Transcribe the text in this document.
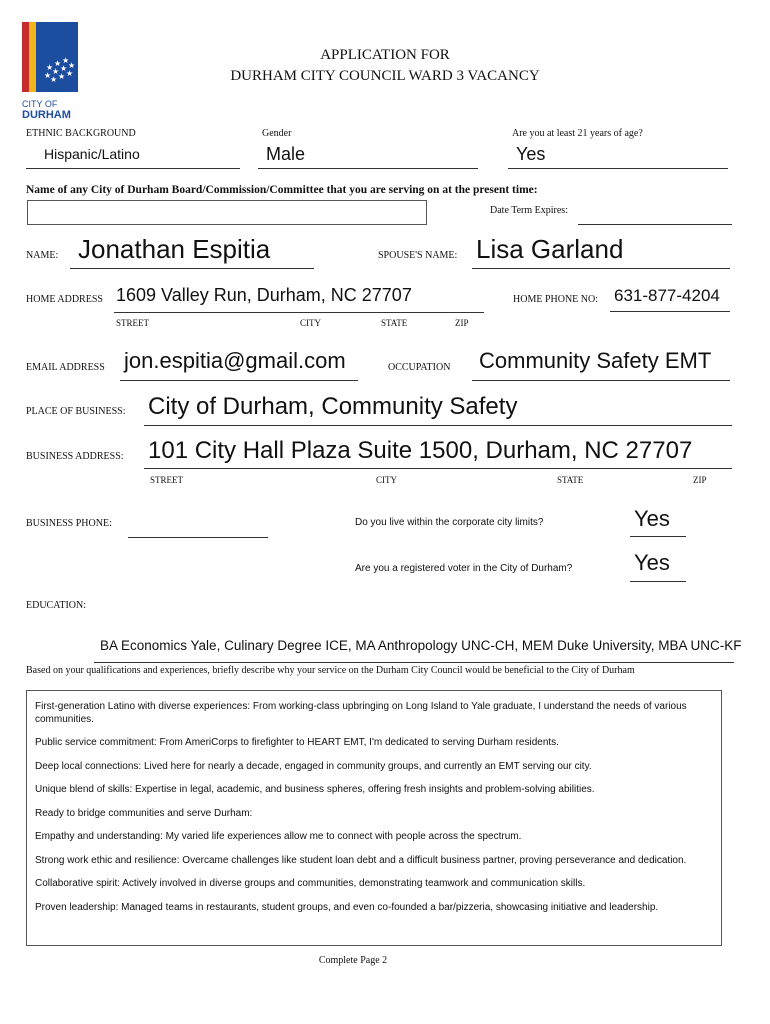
★ ★ ★
★ ★ ★ ★
★ ★ ★
CITY OF
DURHAM
APPLICATION FOR
DURHAM CITY COUNCIL WARD 3 VACANCY
ETHNIC BACKGROUND
Hispanic/Latino
Gender
Male
Are you at least 21 years of age?
Yes
Name of any City of Durham Board/Commission/Committee that you are serving on at the present time:
Date Term Expires:
NAME: Jonathan Espitia	SPOUSE'S NAME: Lisa Garland
HOME ADDRESS 1609 Valley Run, Durham, NC 27707	HOME PHONE NO: 631-877-4204
STREET	CITY	STATE	ZIP
EMAIL ADDRESS jon.espitia@gmail.com	OCCUPATION Community Safety EMT
PLACE OF BUSINESS: City of Durham, Community Safety
BUSINESS ADDRESS: 101 City Hall Plaza Suite 1500, Durham, NC 27707
STREET	CITY	STATE	ZIP
BUSINESS PHONE:	Do you live within the corporate city limits?	Yes
Are you a registered voter in the City of Durham?	Yes
EDUCATION:
BA Economics Yale, Culinary Degree ICE, MA Anthropology UNC-CH, MEM Duke University, MBA UNC-KF
Based on your qualifications and experiences, briefly describe why your service on the Durham City Council would be beneficial to the City of Durham

First-generation Latino with diverse experiences: From working-class upbringing on Long Island to Yale graduate, I understand the needs of various communities.

Public service commitment: From AmeriCorps to firefighter to HEART EMT, I'm dedicated to serving Durham residents.

Deep local connections: Lived here for nearly a decade, engaged in community groups, and currently an EMT serving our city.

Unique blend of skills: Expertise in legal, academic, and business spheres, offering fresh insights and problem-solving abilities.

Ready to bridge communities and serve Durham:

Empathy and understanding: My varied life experiences allow me to connect with people across the spectrum.

Strong work ethic and resilience: Overcame challenges like student loan debt and a difficult business partner, proving perseverance and dedication.

Collaborative spirit: Actively involved in diverse groups and communities, demonstrating teamwork and communication skills.

Proven leadership: Managed teams in restaurants, student groups, and even co-founded a bar/pizzeria, showcasing initiative and leadership.

Complete Page 2
